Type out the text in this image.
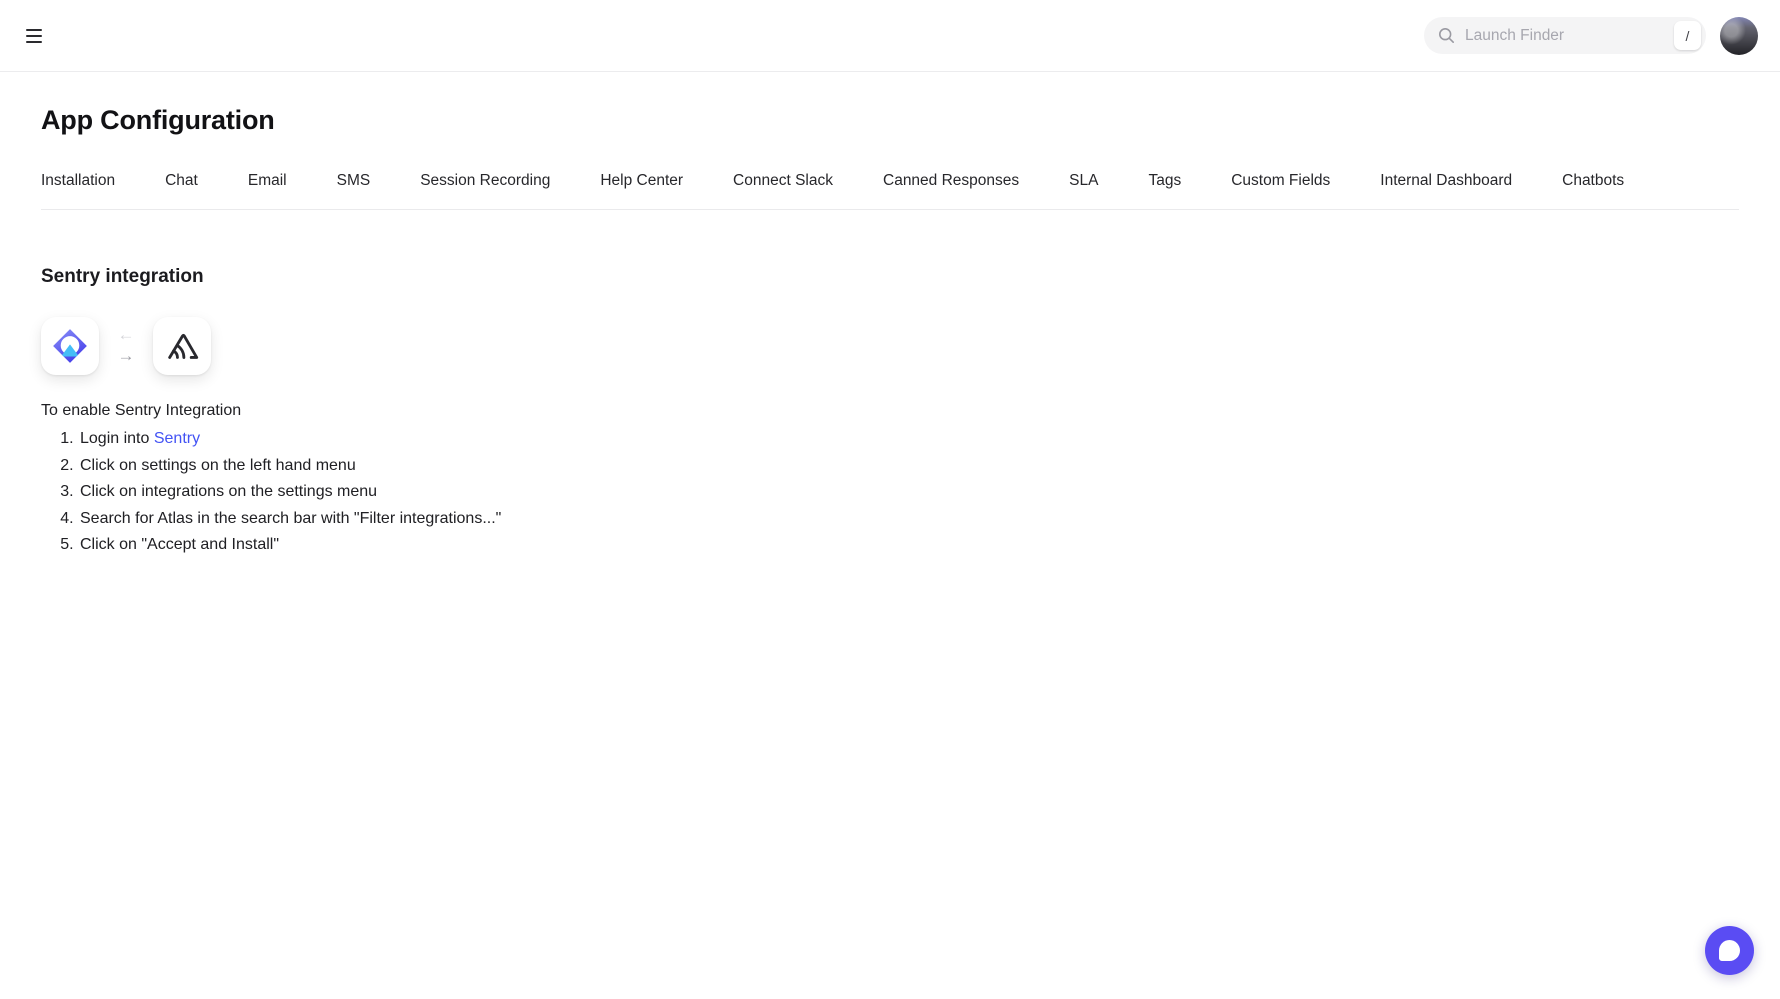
Launch Finder
/
App Configuration
Installation	Chat	Email	SMS	Session Recording	Help Center	Connect Slack	Canned Responses	SLA	Tags	Custom Fields	Internal Dashboard	Chatbots
Sentry integration
←
→

To enable Sentry Integration

1. Login into Sentry
2. Click on settings on the left hand menu
3. Click on integrations on the settings menu
4. Search for Atlas in the search bar with "Filter integrations..."
5. Click on "Accept and Install"
